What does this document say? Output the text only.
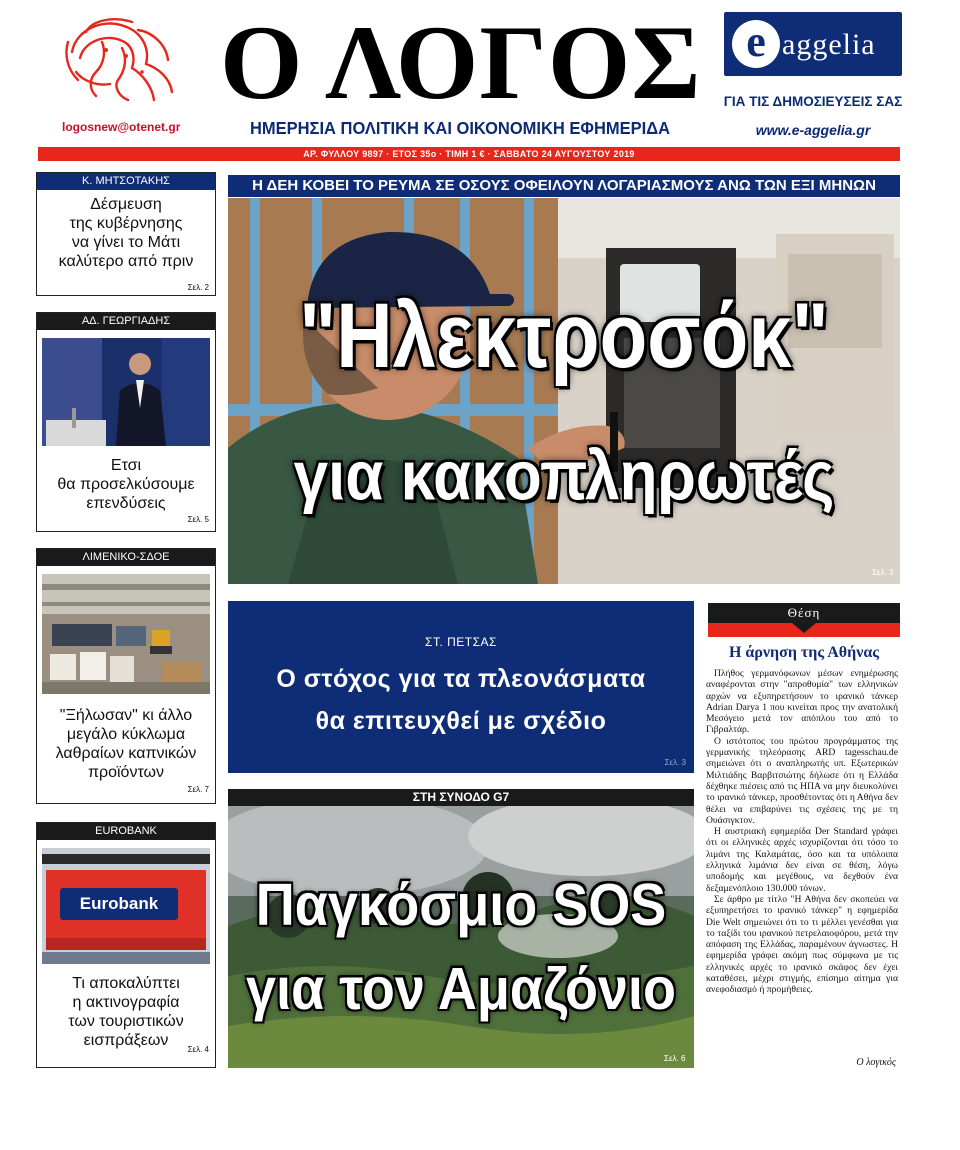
logosnew@otenet.gr
Ο ΛΟΓΟΣ
ΗΜΕΡΗΣΙΑ ΠΟΛΙΤΙΚΗ ΚΑΙ ΟΙΚΟΝΟΜΙΚΗ ΕΦΗΜΕΡΙΔΑ
e aggelia
ΓΙΑ ΤΙΣ ΔΗΜΟΣΙΕΥΣΕΙΣ ΣΑΣ
www.e-aggelia.gr
ΑΡ. ΦΥΛΛΟΥ 9897 · ΕΤΟΣ 35ο · ΤΙΜΗ 1 € · ΣΑΒΒΑΤΟ 24 ΑΥΓΟΥΣΤΟΥ 2019
Κ. ΜΗΤΣΟΤΑΚΗΣ
Δέσμευση
της κυβέρνησης
να γίνει το Μάτι
καλύτερο από πριν
Σελ. 2
ΑΔ. ΓΕΩΡΓΙΑΔΗΣ
Ετσι
θα προσελκύσουμε
επενδύσεις
Σελ. 5
ΛΙΜΕΝΙΚΟ-ΣΔΟΕ
"Ξήλωσαν" κι άλλο
μεγάλο κύκλωμα
λαθραίων καπνικών
προϊόντων
Σελ. 7
EUROBANK
Eurobank
Τι αποκαλύπτει
η ακτινογραφία
των τουριστικών
εισπράξεων
Σελ. 4
Η ΔΕΗ ΚΟΒΕΙ ΤΟ ΡΕΥΜΑ ΣΕ ΟΣΟΥΣ ΟΦΕΙΛΟΥΝ ΛΟΓΑΡΙΑΣΜΟΥΣ ΑΝΩ ΤΩΝ ΕΞΙ ΜΗΝΩΝ
"Ηλεκτροσόκ"
για κακοπληρωτές
Σελ. 3
ΣΤ. ΠΕΤΣΑΣ
Ο στόχος για τα πλεονάσματα
θα επιτευχθεί με σχέδιο
Σελ. 3
ΣΤΗ ΣΥΝΟΔΟ G7
Παγκόσμιο SOS
για τον Αμαζόνιο
Σελ. 6
Θέση
Η άρνηση της Αθήνας

Πλήθος γερμανόφωνων μέσων ενημέρωσης αναφέρονται στην "απροθυμία" των ελληνικών αρχών να εξυπηρετήσουν το ιρανικό τάνκερ Adrian Darya 1 που κινείται προς την ανατολική Μεσόγειο μετά τον απόπλου του από το Γιβραλτάρ.

Ο ιστότοπος του πρώτου προγράμματος της γερμανικής τηλεόρασης ARD tagesschau.de σημειώνει ότι ο αναπληρωτής υπ. Εξωτερικών Μιλτιάδης Βαρβιτσιώτης δήλωσε ότι η Ελλάδα δέχθηκε πιέσεις από τις ΗΠΑ να μην διευκολύνει το ιρανικό τάνκερ, προσθέτοντας ότι η Αθήνα δεν θέλει να επιβαρύνει τις σχέσεις της με τη Ουάσιγκτον.

Η αυστριακή εφημερίδα Der Standard γράφει ότι οι ελληνικές αρχές ισχυρίζονται ότι τόσο το λιμάνι της Καλαμάτας, όσο και τα υπόλοιπα ελληνικά λιμάνια δεν είναι σε θέση, λόγω υποδομής και μεγέθους, να δεχθούν ένα δεξαμενόπλοιο 130.000 τόνων.

Σε άρθρο με τίτλο "Η Αθήνα δεν σκοπεύει να εξυπηρετήσει το ιρανικό τάνκερ" η εφημερίδα Die Welt σημειώνει ότι το τι μέλλει γενέσθαι για το ταξίδι του ιρανικού πετρελαιοφόρου, μετά την απόφαση της Ελλάδας, παραμένουν άγνωστες. Η εφημερίδα γράφει ακόμη πως σύμφωνα με τις ελληνικές αρχές το ιρανικό σκάφος δεν έχει καταθέσει, μέχρι στιγμής, επίσημο αίτημα για ανεφοδιασμό ή προμήθειες.

Ο λογικός
